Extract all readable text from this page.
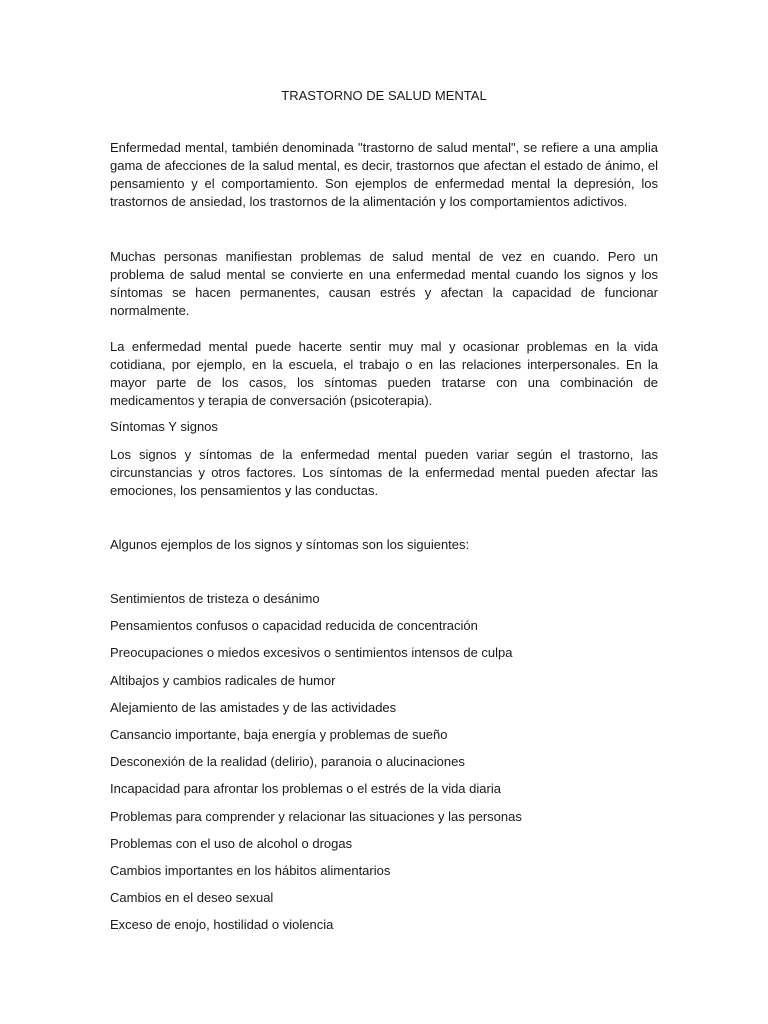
TRASTORNO DE SALUD MENTAL

Enfermedad mental, también denominada "trastorno de salud mental", se refiere a una amplia gama de afecciones de la salud mental, es decir, trastornos que afectan el estado de ánimo, el pensamiento y el comportamiento. Son ejemplos de enfermedad mental la depresión, los trastornos de ansiedad, los trastornos de la alimentación y los comportamientos adictivos.

Muchas personas manifiestan problemas de salud mental de vez en cuando. Pero un problema de salud mental se convierte en una enfermedad mental cuando los signos y los síntomas se hacen permanentes, causan estrés y afectan la capacidad de funcionar normalmente.

La enfermedad mental puede hacerte sentir muy mal y ocasionar problemas en la vida cotidiana, por ejemplo, en la escuela, el trabajo o en las relaciones interpersonales. En la mayor parte de los casos, los síntomas pueden tratarse con una combinación de medicamentos y terapia de conversación (psicoterapia).

Síntomas Y signos

Los signos y síntomas de la enfermedad mental pueden variar según el trastorno, las circunstancias y otros factores. Los síntomas de la enfermedad mental pueden afectar las emociones, los pensamientos y las conductas.

Algunos ejemplos de los signos y síntomas son los siguientes:

Sentimientos de tristeza o desánimo
Pensamientos confusos o capacidad reducida de concentración
Preocupaciones o miedos excesivos o sentimientos intensos de culpa
Altibajos y cambios radicales de humor
Alejamiento de las amistades y de las actividades
Cansancio importante, baja energía y problemas de sueño
Desconexión de la realidad (delirio), paranoia o alucinaciones
Incapacidad para afrontar los problemas o el estrés de la vida diaria
Problemas para comprender y relacionar las situaciones y las personas
Problemas con el uso de alcohol o drogas
Cambios importantes en los hábitos alimentarios
Cambios en el deseo sexual
Exceso de enojo, hostilidad o violencia
